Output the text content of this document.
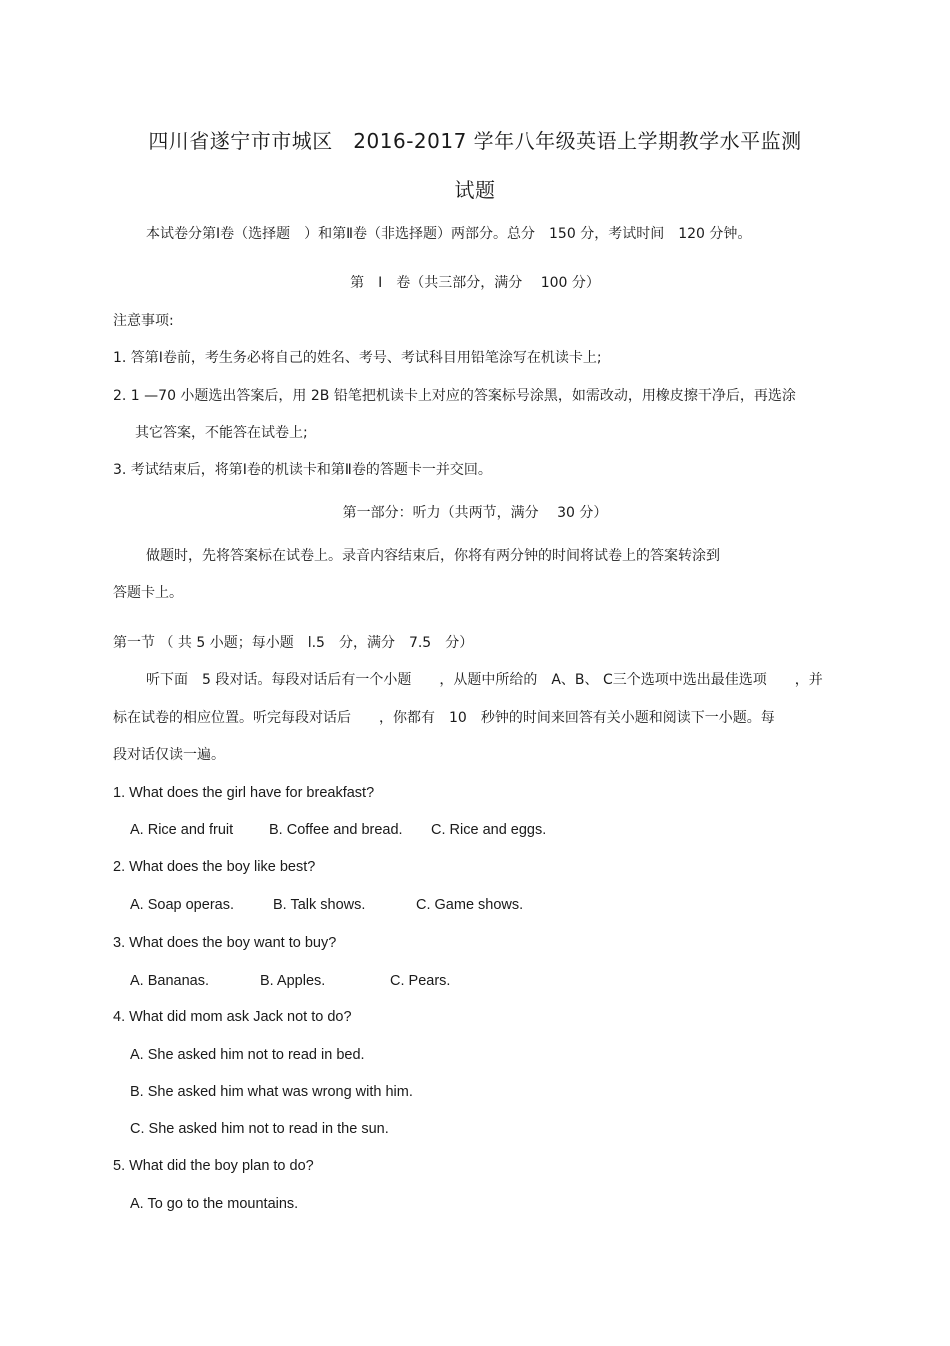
四川省遂宁市市城区　2016-2017 学年八年级英语上学期教学水平监测
试题
本试卷分第Ⅰ卷（选择题　）和第Ⅱ卷（非选择题）两部分。总分　150 分，考试时间　120 分钟。
第　Ⅰ　卷（共三部分，满分　 100 分）
注意事项:
1. 答第Ⅰ卷前，考生务必将自己的姓名、考号、考试科目用铅笔涂写在机读卡上;
2. 1 —70 小题选出答案后，用 2B 铅笔把机读卡上对应的答案标号涂黑，如需改动，用橡皮擦干净后，再选涂
其它答案，不能答在试卷上;
3. 考试结束后，将第Ⅰ卷的机读卡和第Ⅱ卷的答题卡一并交回。
第一部分：听力（共两节，满分　 30 分）
做题时，先将答案标在试卷上。录音内容结束后，你将有两分钟的时间将试卷上的答案转涂到
答题卡上。
第一节 （ 共 5 小题；每小题　l.5　分，满分　7.5　分）
听下面　5 段对话。每段对话后有一个小题　　，从题中所给的　A、B、 C三个选项中选出最佳选项　　，并
标在试卷的相应位置。听完每段对话后　　，你都有　10　秒钟的时间来回答有关小题和阅读下一小题。每
段对话仅读一遍。
1. What does the girl have for breakfast?
A. Rice and fruit B. Coffee and bread. C. Rice and eggs.
2. What does the boy like best?
A. Soap operas.	B. Talk shows.	C. Game shows.
3. What does the boy want to buy?
A. Bananas.	B. Apples.	C. Pears.
4. What did mom ask Jack not to do?
A. She asked him not to read in bed.
B. She asked him what was wrong with him.
C. She asked him not to read in the sun.
5. What did the boy plan to do?
A. To go to the mountains.
